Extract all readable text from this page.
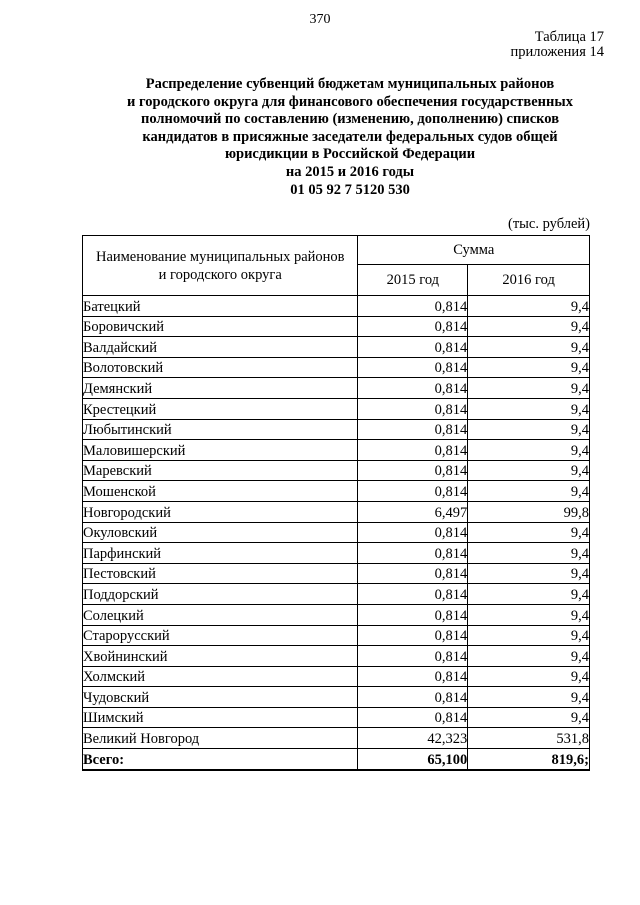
370
Таблица 17
приложения 14
Распределение субвенций бюджетам муниципальных районов
и городского округа для финансового обеспечения государственных
полномочий по составлению (изменению, дополнению) списков
кандидатов в присяжные заседатели федеральных судов общей
юрисдикции в Российской Федерации
на 2015 и 2016 годы
01 05 92 7 5120 530
(тыс. рублей)
Наименование муниципальных районов
и городского округа	Сумма	
	2015 год	2016 год
Батецкий	0,814	9,4
Боровичский	0,814	9,4
Валдайский	0,814	9,4
Волотовский	0,814	9,4
Демянский	0,814	9,4
Крестецкий	0,814	9,4
Любытинский	0,814	9,4
Маловишерский	0,814	9,4
Маревский	0,814	9,4
Мошенской	0,814	9,4
Новгородский	6,497	99,8
Окуловский	0,814	9,4
Парфинский	0,814	9,4
Пестовский	0,814	9,4
Поддорский	0,814	9,4
Солецкий	0,814	9,4
Старорусский	0,814	9,4
Хвойнинский	0,814	9,4
Холмский	0,814	9,4
Чудовский	0,814	9,4
Шимский	0,814	9,4
Великий Новгород	42,323	531,8
Всего:	65,100	819,6;
